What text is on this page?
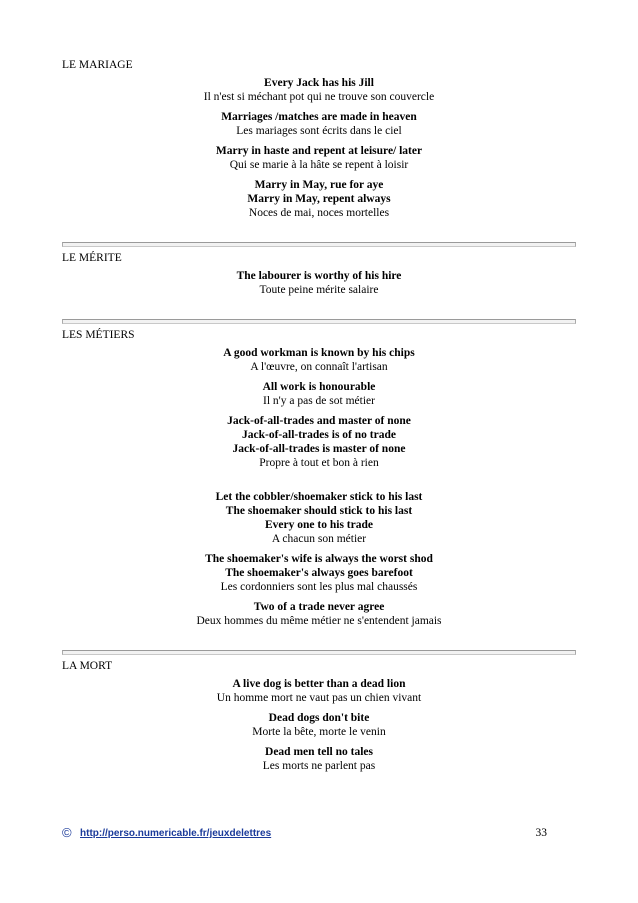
LE MARIAGE
Every Jack has his Jill
Il n'est si méchant pot qui ne trouve son couvercle
Marriages /matches are made in heaven
Les mariages sont écrits dans le ciel
Marry in haste and repent at leisure/ later
Qui se marie à la hâte se repent à loisir
Marry in May, rue for aye
Marry in May, repent always
Noces de mai, noces mortelles
LE MÉRITE
The labourer is worthy of his hire
Toute peine mérite salaire
LES MÉTIERS
A good workman is known by his chips
A l'œuvre, on connaît l'artisan
All work is honourable
Il n'y a pas de sot métier
Jack-of-all-trades and master of none
Jack-of-all-trades is of no trade
Jack-of-all-trades is master of none
Propre à tout et bon à rien
Let the cobbler/shoemaker stick to his last
The shoemaker should stick to his last
Every one to his trade
A chacun son métier
The shoemaker's wife is always the worst shod
The shoemaker's always goes barefoot
Les cordonniers sont les plus mal chaussés
Two of a trade never agree
Deux hommes du même métier ne s'entendent jamais
LA MORT
A live dog is better than a dead lion
Un homme mort ne vaut pas un chien vivant
Dead dogs don't bite
Morte la bête, morte le venin
Dead men tell no tales
Les morts ne parlent pas
© http://perso.numericable.fr/jeuxdelettres	33
